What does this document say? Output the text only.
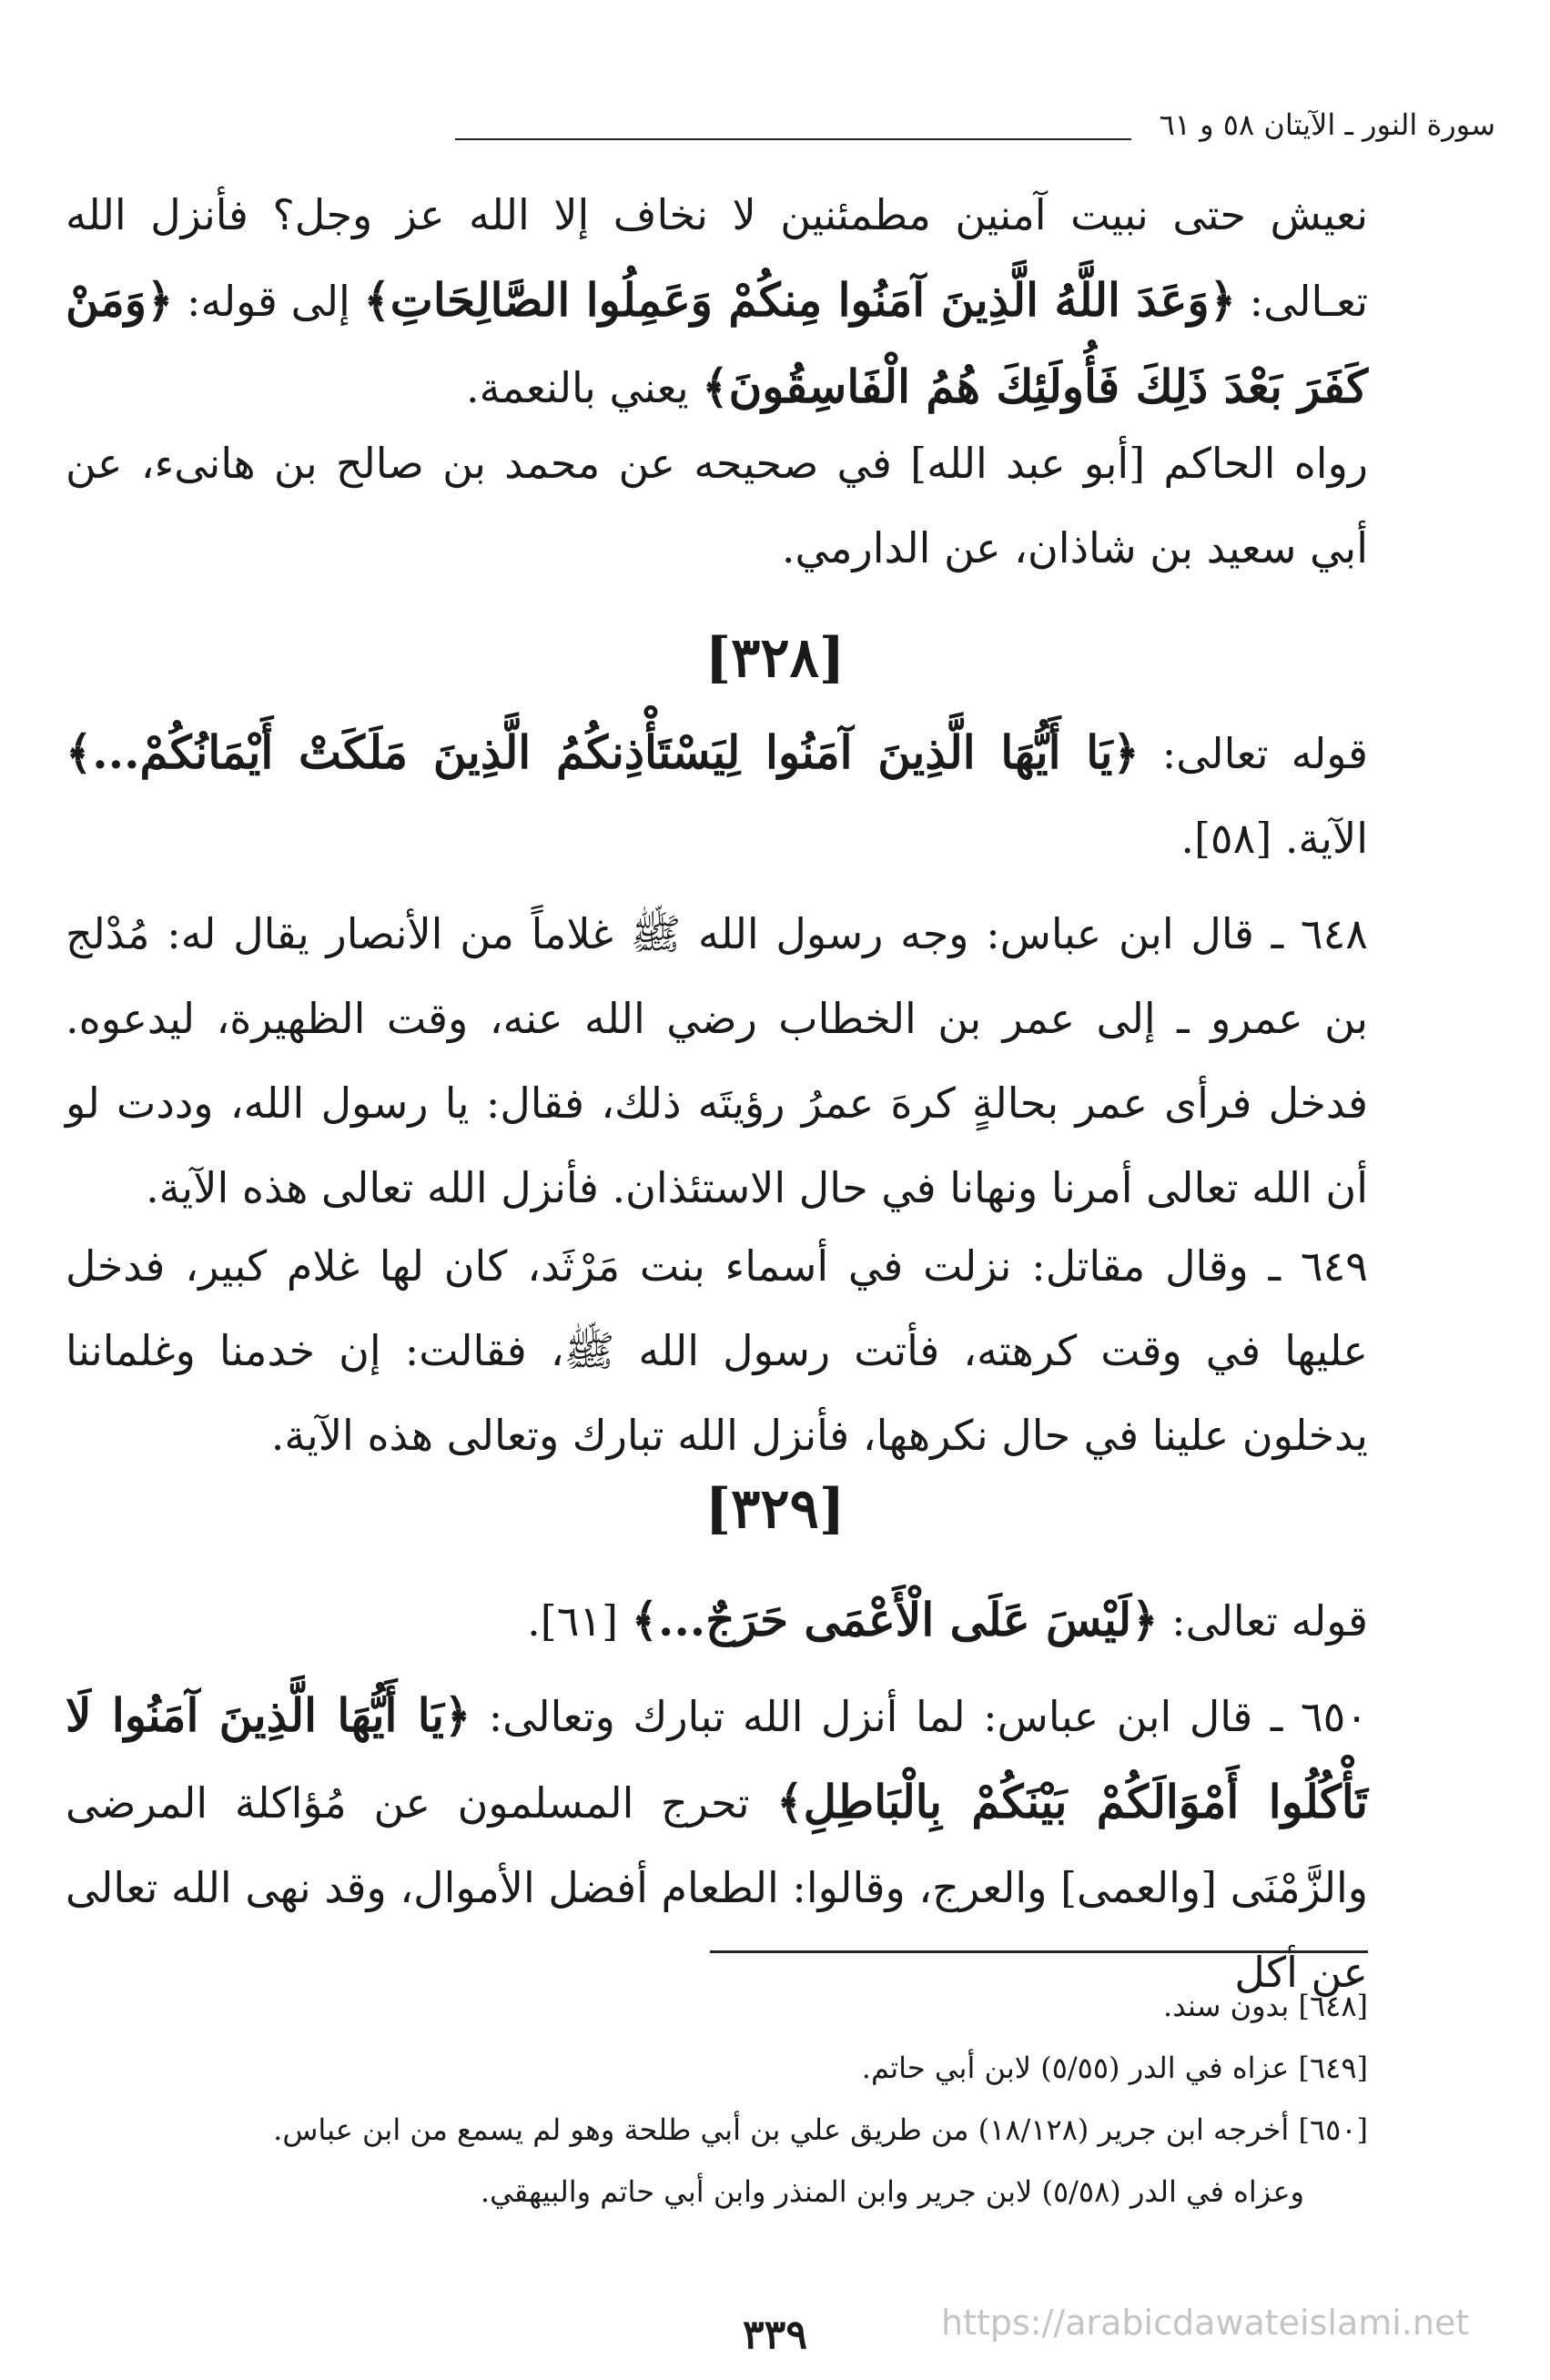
سورة النور ـ الآيتان ٥٨ و ٦١
نعيش حتى نبيت آمنين مطمئنين لا نخاف إلا الله عز وجل؟ فأنزل الله تعـالى: ﴿وَعَدَ اللَّهُ الَّذِينَ آمَنُوا مِنكُمْ وَعَمِلُوا الصَّالِحَاتِ﴾ إلى قوله: ﴿وَمَنْ كَفَرَ بَعْدَ ذَلِكَ فَأُولَئِكَ هُمُ الْفَاسِقُونَ﴾ يعني بالنعمة.
رواه الحاكم [أبو عبد الله] في صحيحه عن محمد بن صالح بن هانىء، عن أبي سعيد بن شاذان، عن الدارمي.
[٣٢٨]
قوله تعالى: ﴿يَا أَيُّهَا الَّذِينَ آمَنُوا لِيَسْتَأْذِنكُمُ الَّذِينَ مَلَكَتْ أَيْمَانُكُمْ...﴾ الآية. [٥٨].
٦٤٨ ـ قال ابن عباس: وجه رسول الله ﷺ غلاماً من الأنصار يقال له: مُدْلج بن عمرو ـ إلى عمر بن الخطاب رضي الله عنه، وقت الظهيرة، ليدعوه. فدخل فرأى عمر بحالةٍ كرهَ عمرُ رؤيتَه ذلك، فقال: يا رسول الله، وددت لو أن الله تعالى أمرنا ونهانا في حال الاستئذان. فأنزل الله تعالى هذه الآية.
٦٤٩ ـ وقال مقاتل: نزلت في أسماء بنت مَرْثَد، كان لها غلام كبير، فدخل عليها في وقت كرهته، فأتت رسول الله ﷺ، فقالت: إن خدمنا وغلماننا يدخلون علينا في حال نكرهها، فأنزل الله تبارك وتعالى هذه الآية.
[٣٢٩]
قوله تعالى: ﴿لَيْسَ عَلَى الْأَعْمَى حَرَجٌ...﴾ [٦١].
٦٥٠ ـ قال ابن عباس: لما أنزل الله تبارك وتعالى: ﴿يَا أَيُّهَا الَّذِينَ آمَنُوا لَا تَأْكُلُوا أَمْوَالَكُمْ بَيْنَكُمْ بِالْبَاطِلِ﴾ تحرج المسلمون عن مُؤاكلة المرضى والزَّمْنَى [والعمى] والعرج، وقالوا: الطعام أفضل الأموال، وقد نهى الله تعالى عن أكل
[٦٤٨] بدون سند.
[٦٤٩] عزاه في الدر (٥/٥٥) لابن أبي حاتم.
[٦٥٠] أخرجه ابن جرير (١٨/١٢٨) من طريق علي بن أبي طلحة وهو لم يسمع من ابن عباس.
وعزاه في الدر (٥/٥٨) لابن جرير وابن المنذر وابن أبي حاتم والبيهقي.
٣٣٩	https://arabicdawateislami.net
